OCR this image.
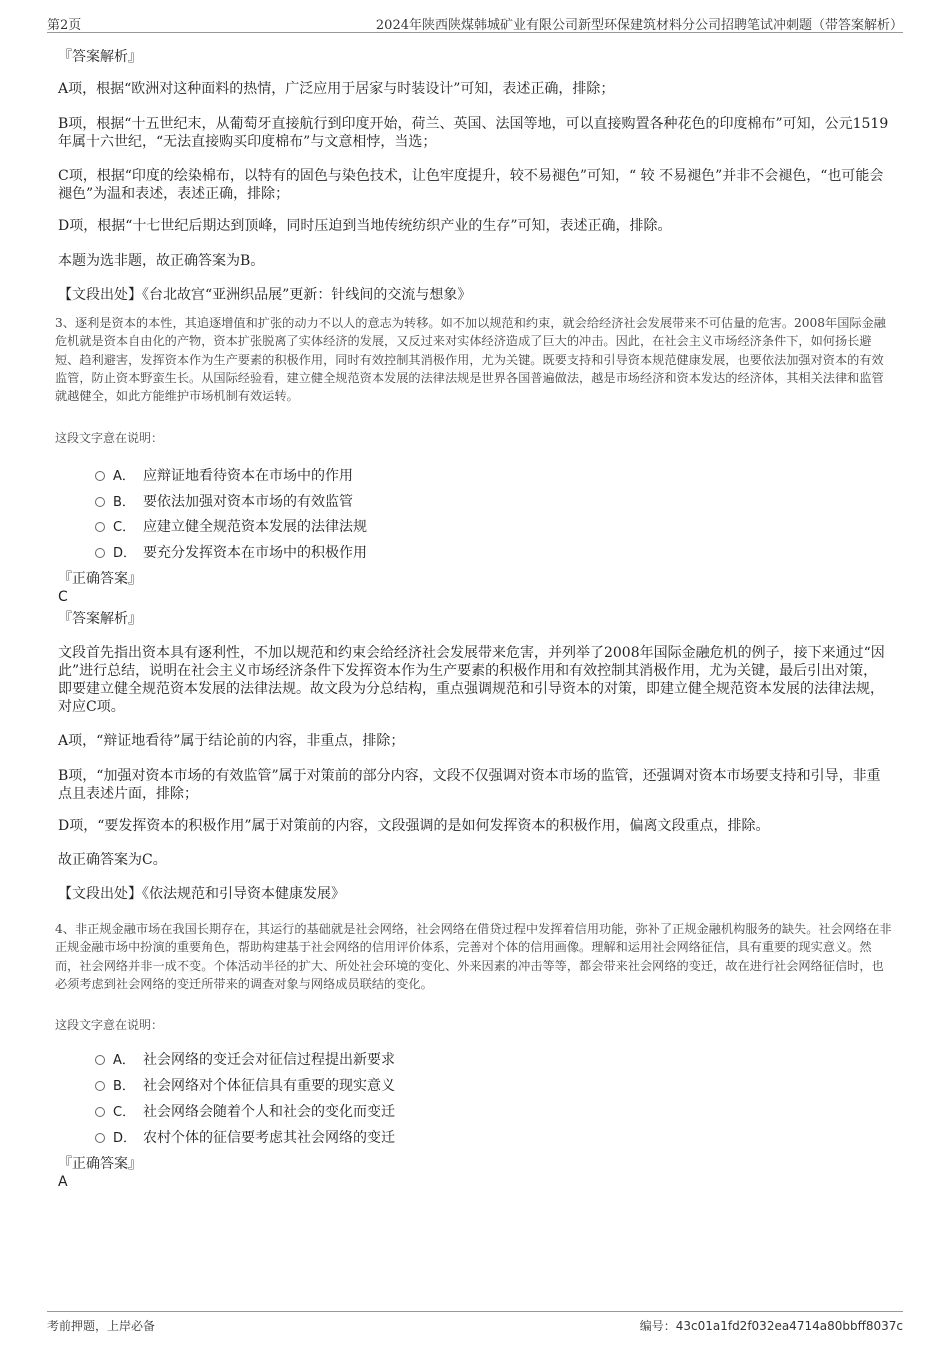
第2页	2024年陕西陕煤韩城矿业有限公司新型环保建筑材料分公司招聘笔试冲刺题（带答案解析）

『答案解析』

A项，根据“欧洲对这种面料的热情，广泛应用于居家与时装设计”可知，表述正确，排除；

B项，根据“十五世纪末，从葡萄牙直接航行到印度开始，荷兰、英国、法国等地，可以直接购置各种花色的印度棉布”可知，公元1519年属十六世纪，“无法直接购买印度棉布”与文意相悖，当选；

C项，根据“印度的绘染棉布，以特有的固色与染色技术，让色牢度提升，较不易褪色”可知，“ 较 不易褪色”并非不会褪色，“也可能会褪色”为温和表述，表述正确，排除；

D项，根据“十七世纪后期达到顶峰，同时压迫到当地传统纺织产业的生存”可知，表述正确，排除。

本题为选非题，故正确答案为B。

【文段出处】《台北故宫“亚洲织品展”更新：针线间的交流与想象》

3、逐利是资本的本性，其追逐增值和扩张的动力不以人的意志为转移。如不加以规范和约束，就会给经济社会发展带来不可估量的危害。2008年国际金融危机就是资本自由化的产物，资本扩张脱离了实体经济的发展，又反过来对实体经济造成了巨大的冲击。因此，在社会主义市场经济条件下，如何扬长避短、趋利避害，发挥资本作为生产要素的积极作用，同时有效控制其消极作用，尤为关键。既要支持和引导资本规范健康发展，也要依法加强对资本的有效监管，防止资本野蛮生长。从国际经验看，建立健全规范资本发展的法律法规是世界各国普遍做法，越是市场经济和资本发达的经济体，其相关法律和监管就越健全，如此方能维护市场机制有效运转。

这段文字意在说明：

A． 应辩证地看待资本在市场中的作用
B． 要依法加强对资本市场的有效监管
C． 应建立健全规范资本发展的法律法规
D． 要充分发挥资本在市场中的积极作用

『正确答案』

C

『答案解析』

文段首先指出资本具有逐利性，不加以规范和约束会给经济社会发展带来危害，并列举了2008年国际金融危机的例子，接下来通过“因此”进行总结，说明在社会主义市场经济条件下发挥资本作为生产要素的积极作用和有效控制其消极作用，尤为关键，最后引出对策，即要建立健全规范资本发展的法律法规。故文段为分总结构，重点强调规范和引导资本的对策，即建立健全规范资本发展的法律法规，对应C项。

A项，“辩证地看待”属于结论前的内容，非重点，排除；

B项，“加强对资本市场的有效监管”属于对策前的部分内容，文段不仅强调对资本市场的监管，还强调对资本市场要支持和引导，非重点且表述片面，排除；

D项，“要发挥资本的积极作用”属于对策前的内容，文段强调的是如何发挥资本的积极作用，偏离文段重点，排除。

故正确答案为C。

【文段出处】《依法规范和引导资本健康发展》

4、非正规金融市场在我国长期存在，其运行的基础就是社会网络，社会网络在借贷过程中发挥着信用功能，弥补了正规金融机构服务的缺失。社会网络在非正规金融市场中扮演的重要角色，帮助构建基于社会网络的信用评价体系，完善对个体的信用画像。理解和运用社会网络征信，具有重要的现实意义。然而，社会网络并非一成不变。个体活动半径的扩大、所处社会环境的变化、外来因素的冲击等等，都会带来社会网络的变迁，故在进行社会网络征信时，也必须考虑到社会网络的变迁所带来的调查对象与网络成员联结的变化。

这段文字意在说明：

A． 社会网络的变迁会对征信过程提出新要求
B． 社会网络对个体征信具有重要的现实意义
C． 社会网络会随着个人和社会的变化而变迁
D． 农村个体的征信要考虑其社会网络的变迁

『正确答案』

A

考前押题，上岸必备	编号：43c01a1fd2f032ea4714a80bbff8037c
